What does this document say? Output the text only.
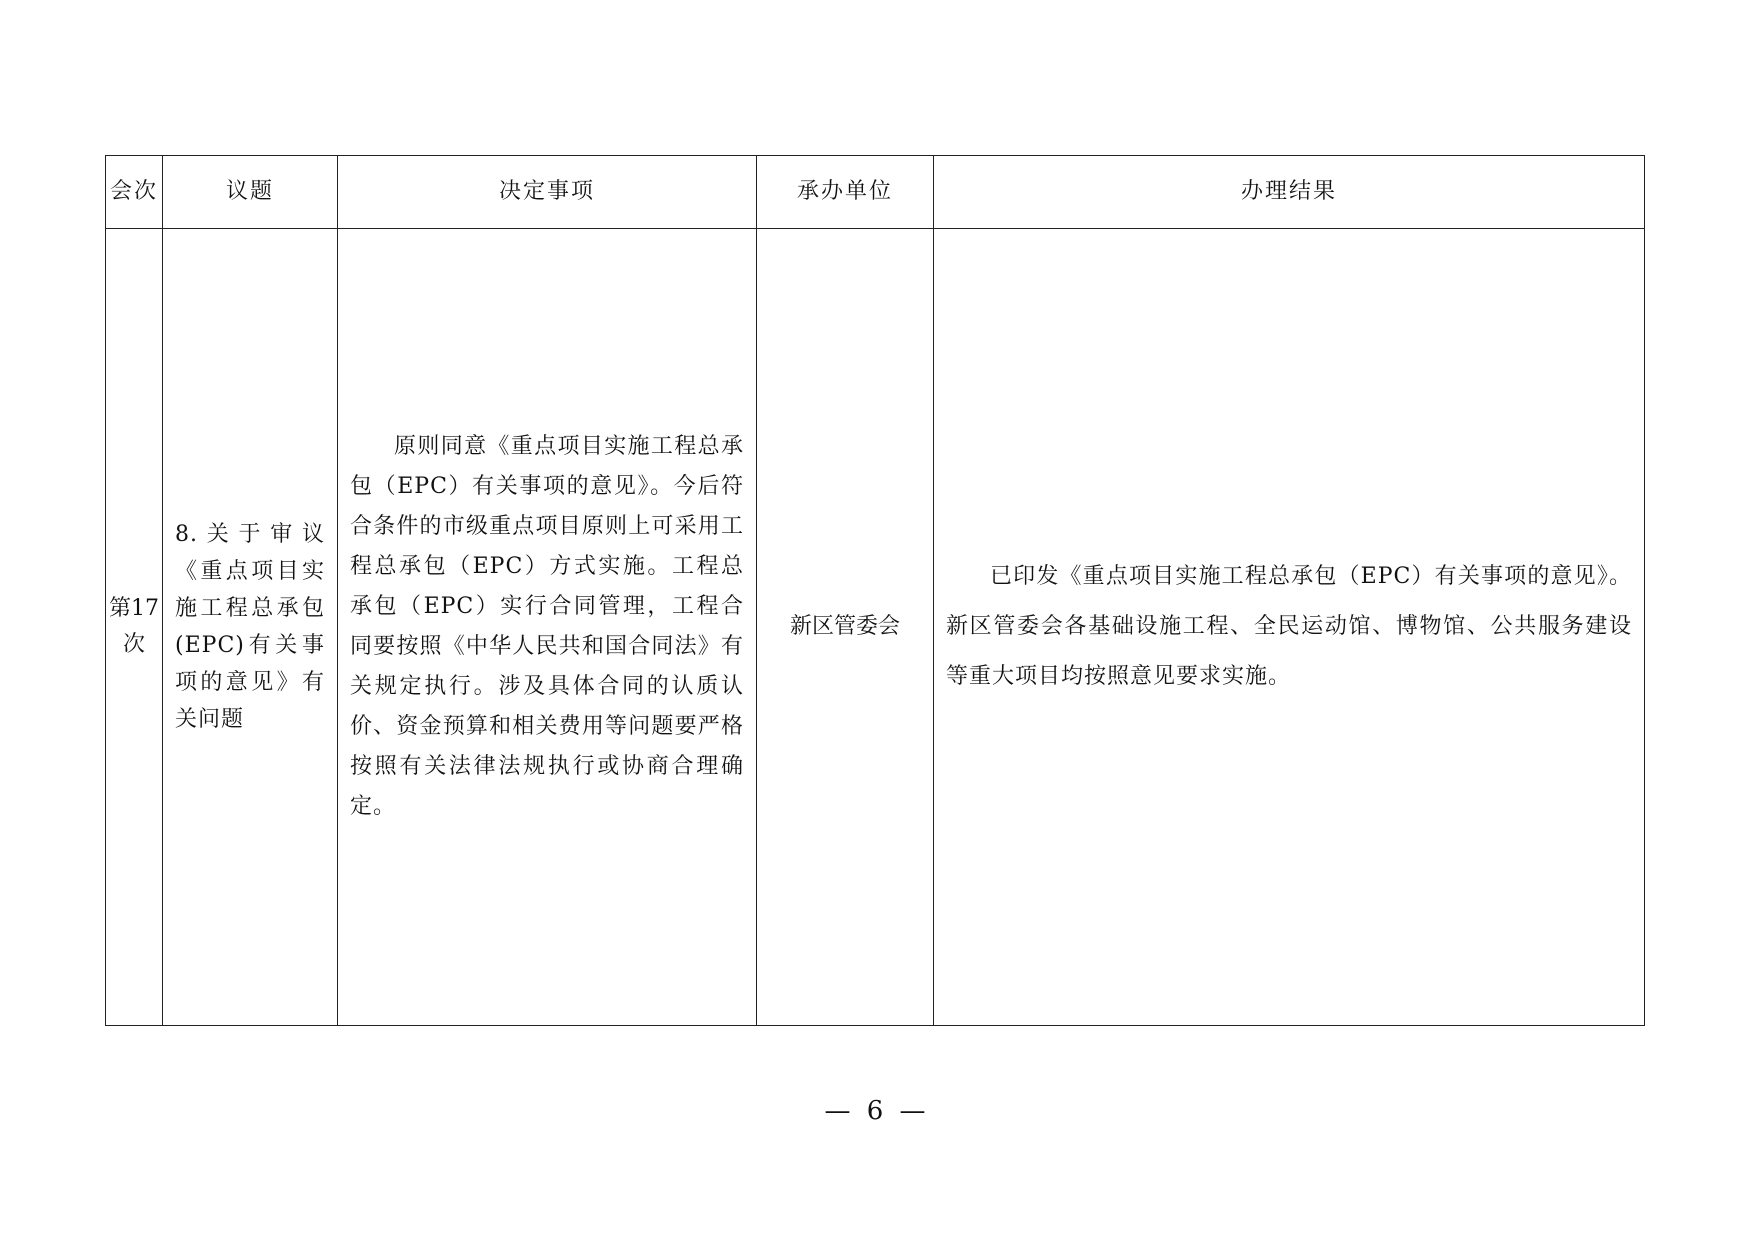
会次	议题	决定事项	承办单位	办理结果

第17次	8.关于审议《重点项目实施工程总承包(EPC)有关事项的意见》有关问题	原则同意《重点项目实施工程总承包（EPC）有关事项的意见》。今后符合条件的市级重点项目原则上可采用工程总承包（EPC）方式实施。工程总承包（EPC）实行合同管理，工程合同要按照《中华人民共和国合同法》有关规定执行。涉及具体合同的认质认价、资金预算和相关费用等问题要严格按照有关法律法规执行或协商合理确定。	新区管委会	已印发《重点项目实施工程总承包（EPC）有关事项的意见》。新区管委会各基础设施工程、全民运动馆、博物馆、公共服务建设等重大项目均按照意见要求实施。
— 6 —
